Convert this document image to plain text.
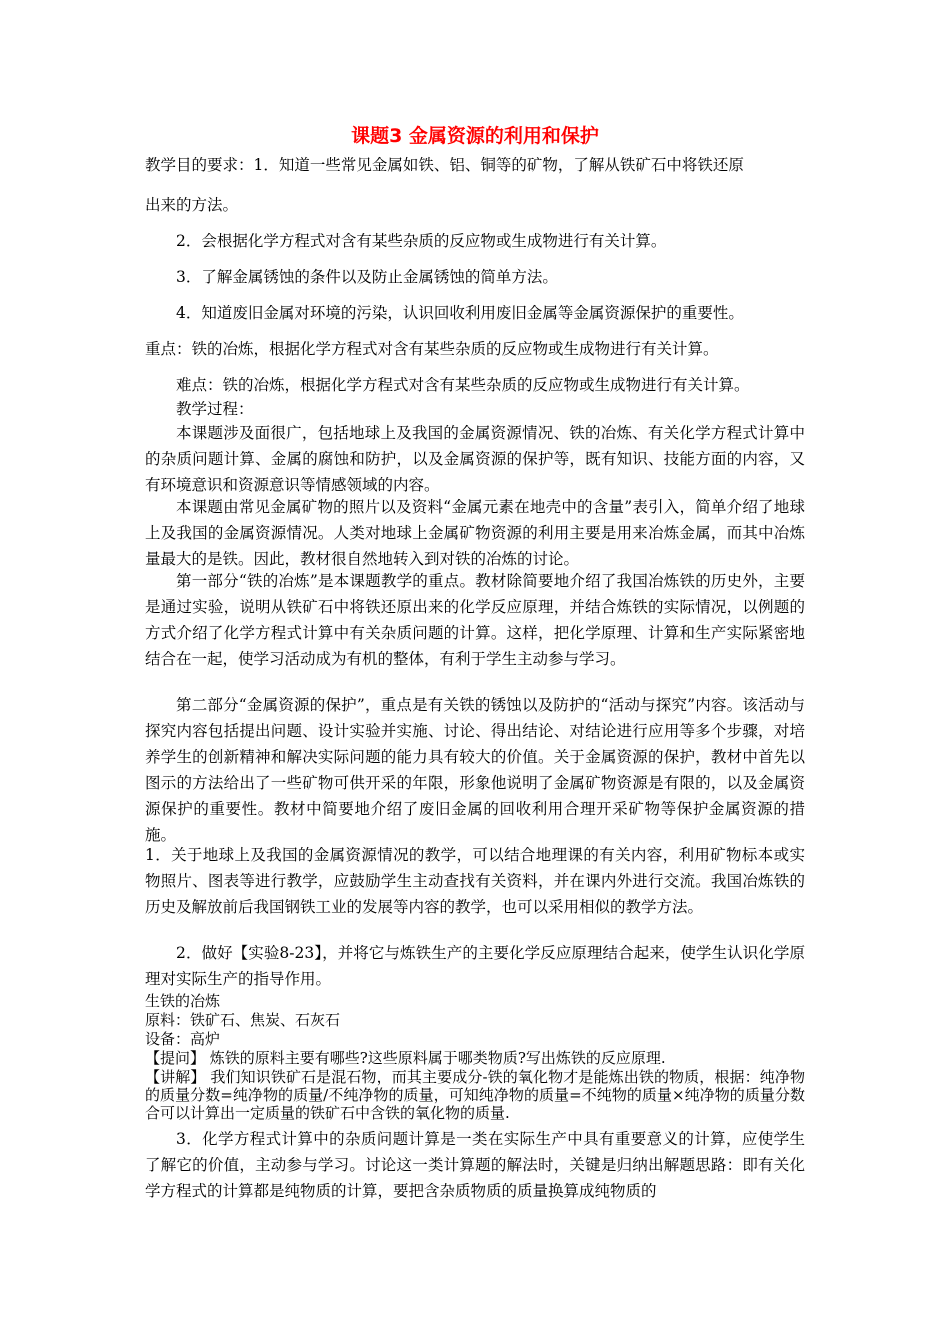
课题3 金属资源的利用和保护

教学目的要求：1．知道一些常见金属如铁、铝、铜等的矿物，了解从铁矿石中将铁还原

出来的方法。

2．会根据化学方程式对含有某些杂质的反应物或生成物进行有关计算。

3．了解金属锈蚀的条件以及防止金属锈蚀的简单方法。

4．知道废旧金属对环境的污染，认识回收利用废旧金属等金属资源保护的重要性。

重点：铁的冶炼，根据化学方程式对含有某些杂质的反应物或生成物进行有关计算。

难点：铁的冶炼，根据化学方程式对含有某些杂质的反应物或生成物进行有关计算。

教学过程：

本课题涉及面很广，包括地球上及我国的金属资源情况、铁的冶炼、有关化学方程式计算中的杂质问题计算、金属的腐蚀和防护，以及金属资源的保护等，既有知识、技能方面的内容，又有环境意识和资源意识等情感领域的内容。

本课题由常见金属矿物的照片以及资料“金属元素在地壳中的含量”表引入，简单介绍了地球上及我国的金属资源情况。人类对地球上金属矿物资源的利用主要是用来冶炼金属，而其中冶炼量最大的是铁。因此，教材很自然地转入到对铁的冶炼的讨论。

第一部分“铁的冶炼”是本课题教学的重点。教材除简要地介绍了我国冶炼铁的历史外，主要是通过实验，说明从铁矿石中将铁还原出来的化学反应原理，并结合炼铁的实际情况，以例题的方式介绍了化学方程式计算中有关杂质问题的计算。这样，把化学原理、计算和生产实际紧密地结合在一起，使学习活动成为有机的整体，有利于学生主动参与学习。

第二部分“金属资源的保护”，重点是有关铁的锈蚀以及防护的“活动与探究”内容。该活动与探究内容包括提出问题、设计实验并实施、讨论、得出结论、对结论进行应用等多个步骤，对培养学生的创新精神和解决实际问题的能力具有较大的价值。关于金属资源的保护，教材中首先以图示的方法给出了一些矿物可供开采的年限，形象他说明了金属矿物资源是有限的，以及金属资源保护的重要性。教材中简要地介绍了废旧金属的回收利用合理开采矿物等保护金属资源的措施。

1．关于地球上及我国的金属资源情况的教学，可以结合地理课的有关内容，利用矿物标本或实物照片、图表等进行教学，应鼓励学生主动查找有关资料，并在课内外进行交流。我国冶炼铁的历史及解放前后我国钢铁工业的发展等内容的教学，也可以采用相似的教学方法。

2．做好【实验8-23】，并将它与炼铁生产的主要化学反应原理结合起来，使学生认识化学原理对实际生产的指导作用。

生铁的冶炼

原料：铁矿石、焦炭、石灰石

设备：高炉

【提问】 炼铁的原料主要有哪些?这些原料属于哪类物质?写出炼铁的反应原理.

【讲解】 我们知识铁矿石是混石物，而其主要成分-铁的氧化物才是能炼出铁的物质，根据：纯净物的质量分数=纯净物的质量/不纯净物的质量，可知纯净物的质量=不纯物的质量×纯净物的质量分数合可以计算出一定质量的铁矿石中含铁的氧化物的质量.

3．化学方程式计算中的杂质问题计算是一类在实际生产中具有重要意义的计算，应使学生了解它的价值，主动参与学习。讨论这一类计算题的解法时，关键是归纳出解题思路：即有关化学方程式的计算都是纯物质的计算，要把含杂质物质的质量换算成纯物质的
